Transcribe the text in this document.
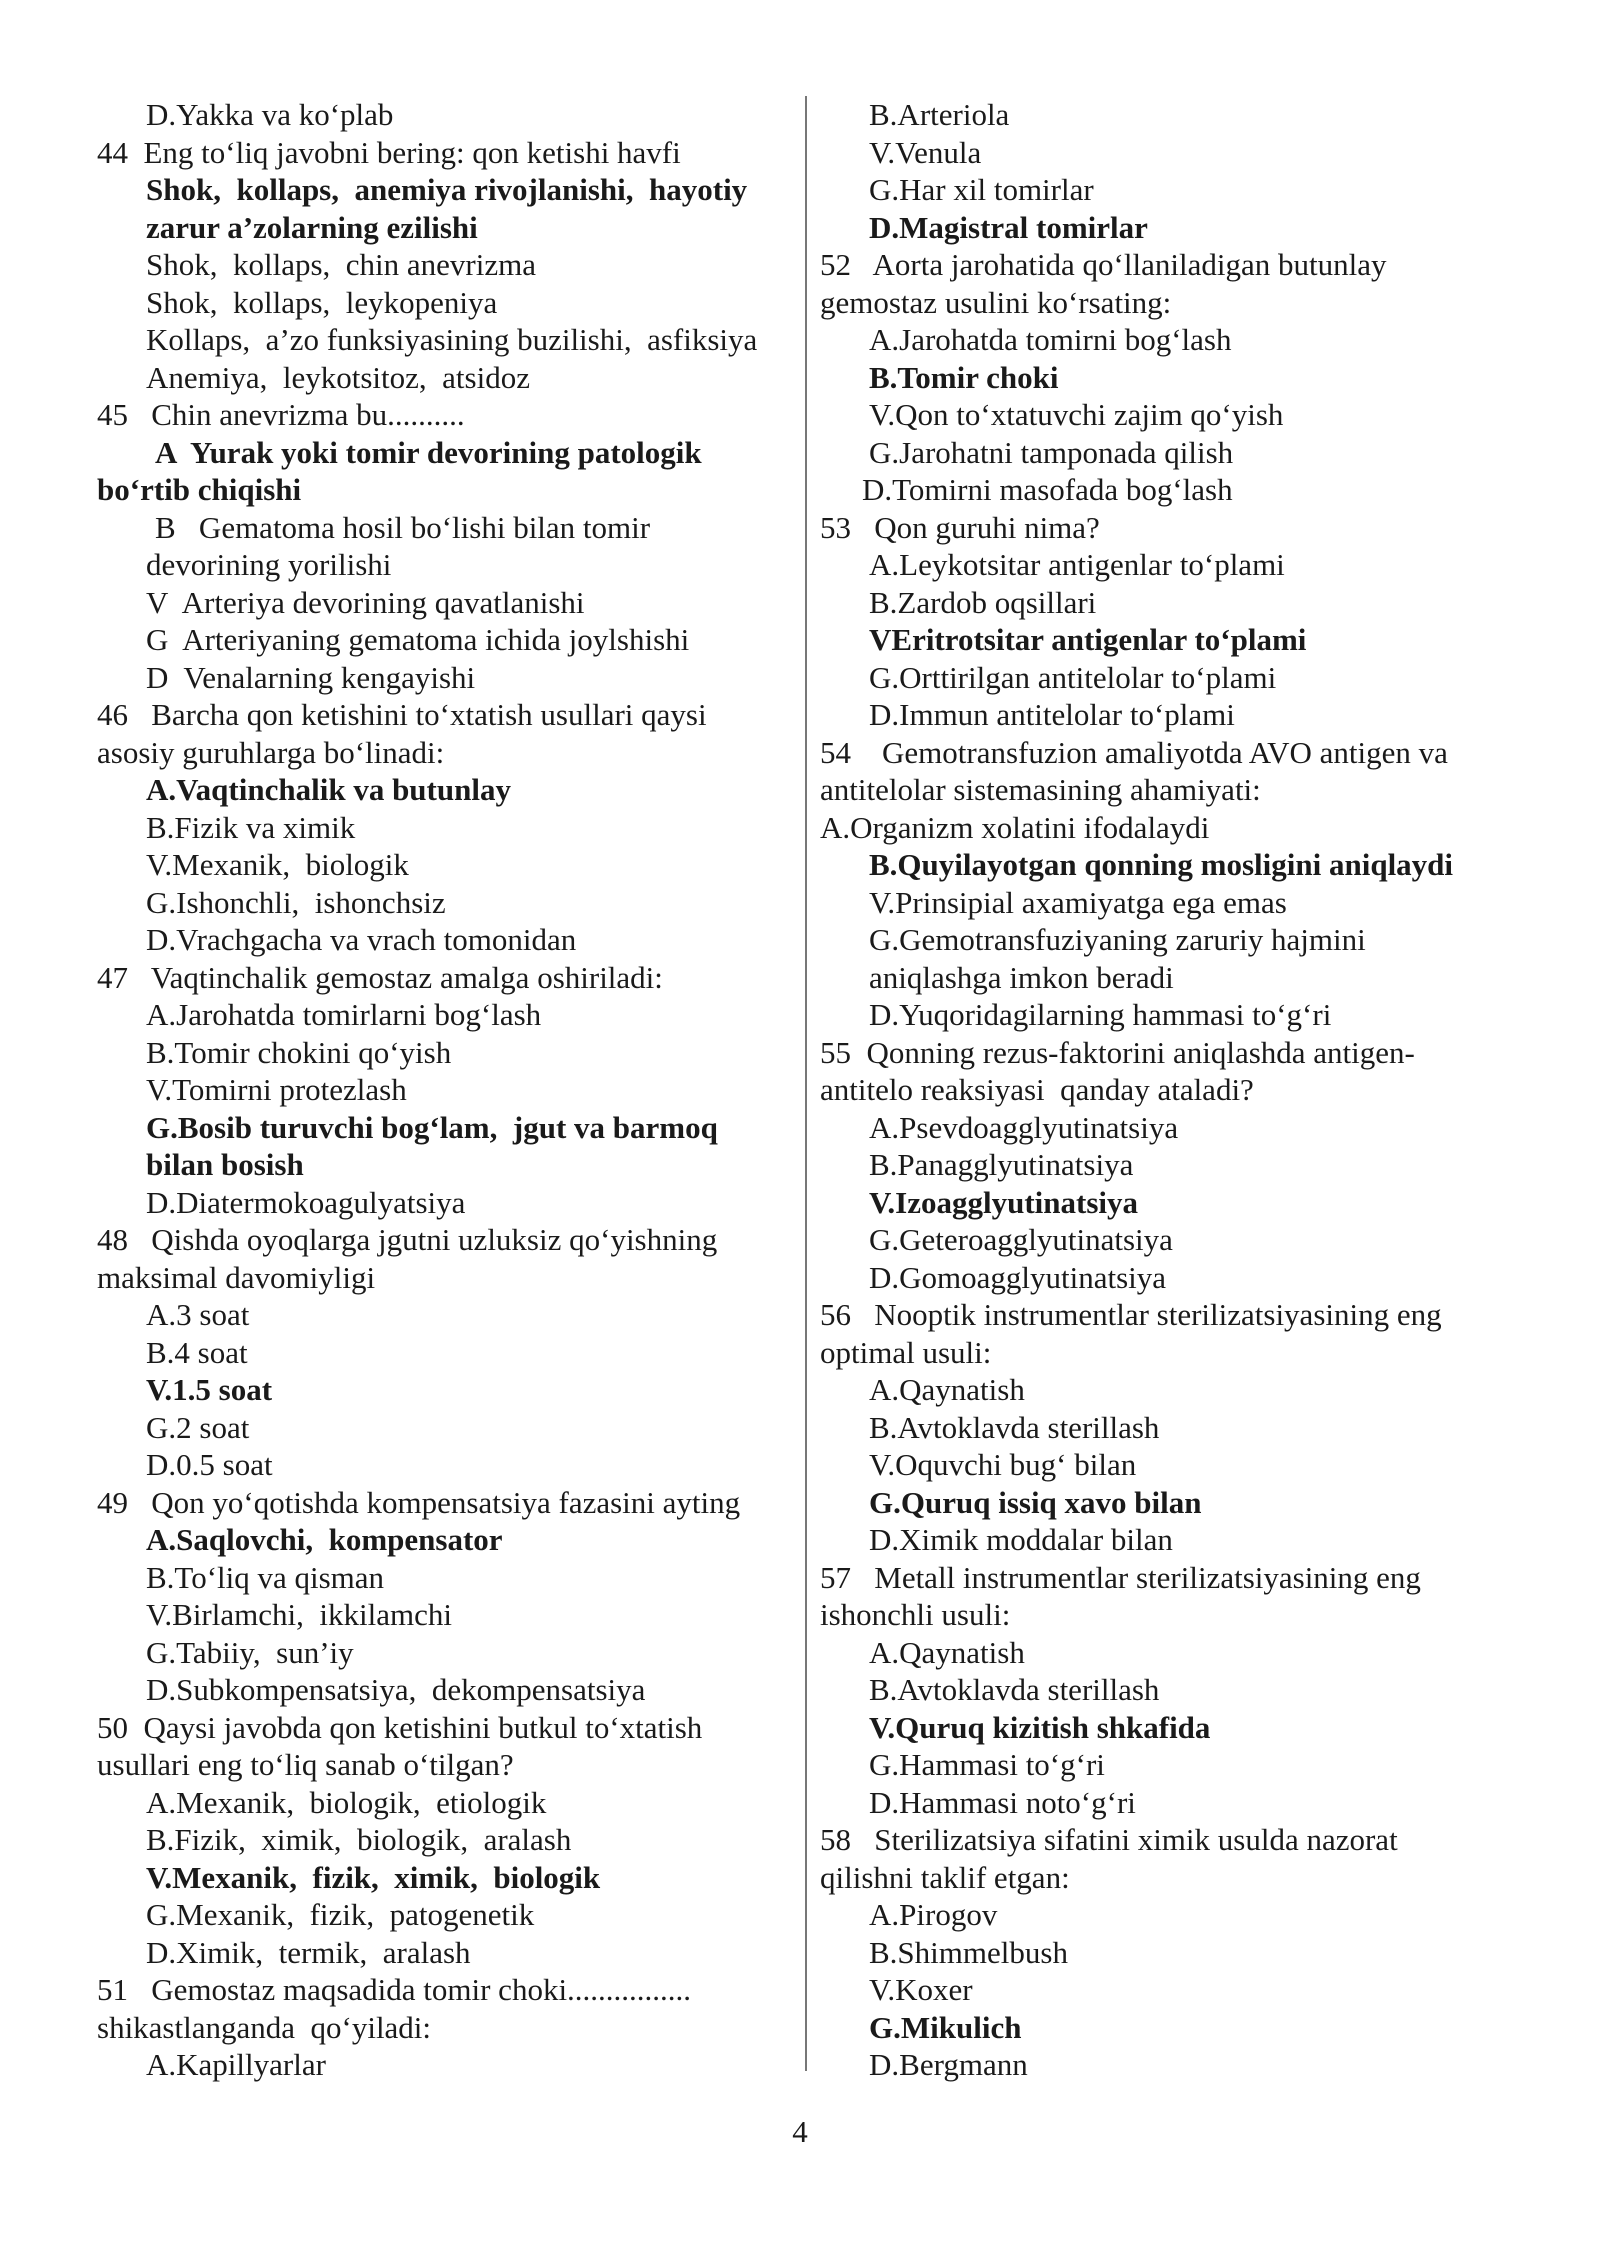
D.Yakka va ko‘plab
44  Eng to‘liq javobni bering: qon ketishi havfi
Shok,  kollaps,  anemiya rivojlanishi,  hayotiy
zarur a’zolarning ezilishi
Shok,  kollaps,  chin anevrizma
Shok,  kollaps,  leykopeniya
Kollaps,  a’zo funksiyasining buzilishi,  asfiksiya
Anemiya,  leykotsitoz,  atsidoz
45   Chin anevrizma bu..........
A  Yurak yoki tomir devorining patologik
bo‘rtib chiqishi
B   Gematoma hosil bo‘lishi bilan tomir
devorining yorilishi
V  Arteriya devorining qavatlanishi
G  Arteriyaning gematoma ichida joylshishi
D  Venalarning kengayishi
46   Barcha qon ketishini to‘xtatish usullari qaysi
asosiy guruhlarga bo‘linadi:
A.Vaqtinchalik va butunlay
B.Fizik va ximik
V.Mexanik,  biologik
G.Ishonchli,  ishonchsiz
D.Vrachgacha va vrach tomonidan
47   Vaqtinchalik gemostaz amalga oshiriladi:
A.Jarohatda tomirlarni bog‘lash
B.Tomir chokini qo‘yish
V.Tomirni protezlash
G.Bosib turuvchi bog‘lam,  jgut va barmoq
bilan bosish
D.Diatermokoagulyatsiya
48   Qishda oyoqlarga jgutni uzluksiz qo‘yishning
maksimal davomiyligi
A.3 soat
B.4 soat
V.1.5 soat
G.2 soat
D.0.5 soat
49   Qon yo‘qotishda kompensatsiya fazasini ayting
A.Saqlovchi,  kompensator
B.To‘liq va qisman
V.Birlamchi,  ikkilamchi
G.Tabiiy,  sun’iy
D.Subkompensatsiya,  dekompensatsiya
50  Qaysi javobda qon ketishini butkul to‘xtatish
usullari eng to‘liq sanab o‘tilgan?
A.Mexanik,  biologik,  etiologik
B.Fizik,  ximik,  biologik,  aralash
V.Mexanik,  fizik,  ximik,  biologik
G.Mexanik,  fizik,  patogenetik
D.Ximik,  termik,  aralash
51   Gemostaz maqsadida tomir choki................
shikastlanganda  qo‘yiladi:
A.Kapillyarlar
B.Arteriola
V.Venula
G.Har xil tomirlar
D.Magistral tomirlar
52   Aorta jarohatida qo‘llaniladigan butunlay
gemostaz usulini ko‘rsating:
A.Jarohatda tomirni bog‘lash
B.Tomir choki
V.Qon to‘xtatuvchi zajim qo‘yish
G.Jarohatni tamponada qilish
D.Tomirni masofada bog‘lash
53   Qon guruhi nima?
A.Leykotsitar antigenlar to‘plami
B.Zardob oqsillari
VEritrotsitar antigenlar to‘plami
G.Orttirilgan antitelolar to‘plami
D.Immun antitelolar to‘plami
54    Gemotransfuzion amaliyotda AVO antigen va
antitelolar sistemasining ahamiyati:
A.Organizm xolatini ifodalaydi
B.Quyilayotgan qonning mosligini aniqlaydi
V.Prinsipial axamiyatga ega emas
G.Gemotransfuziyaning zaruriy hajmini
aniqlashga imkon beradi
D.Yuqoridagilarning hammasi to‘g‘ri
55  Qonning rezus-faktorini aniqlashda antigen-
antitelo reaksiyasi  qanday ataladi?
A.Psevdoagglyutinatsiya
B.Panagglyutinatsiya
V.Izoagglyutinatsiya
G.Geteroagglyutinatsiya
D.Gomoagglyutinatsiya
56   Nooptik instrumentlar sterilizatsiyasining eng
optimal usuli:
A.Qaynatish
B.Avtoklavda sterillash
V.Oquvchi bug‘ bilan
G.Quruq issiq xavo bilan
D.Ximik moddalar bilan
57   Metall instrumentlar sterilizatsiyasining eng
ishonchli usuli:
A.Qaynatish
B.Avtoklavda sterillash
V.Quruq kizitish shkafida
G.Hammasi to‘g‘ri
D.Hammasi noto‘g‘ri
58   Sterilizatsiya sifatini ximik usulda nazorat
qilishni taklif etgan:
A.Pirogov
B.Shimmelbush
V.Koxer
G.Mikulich
D.Bergmann
4
